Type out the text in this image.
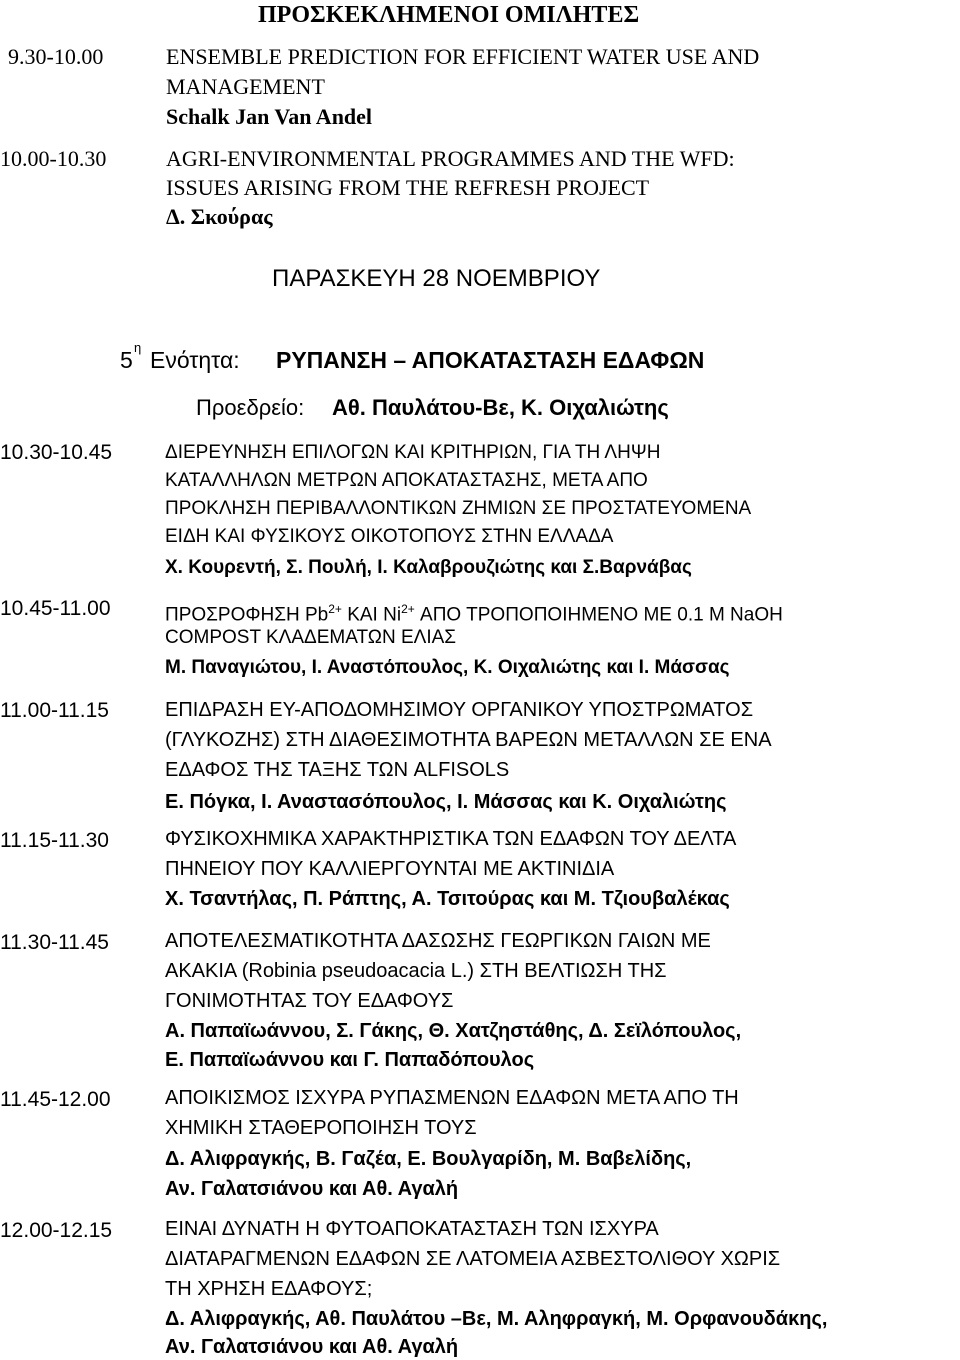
ΠΡΟΣΚΕΚΛΗΜΕΝΟΙ ΟΜΙΛΗΤΕΣ
9.30-10.00	ENSEMBLE PREDICTION FOR EFFICIENT WATER USE AND
MANAGEMENT
Schalk Jan Van Andel
10.00-10.30	AGRI-ENVIRONMENTAL PROGRAMMES AND THE WFD:
ISSUES ARISING FROM THE REFRESH PROJECT
Δ. Σκούρας
ΠΑΡΑΣΚΕΥΗ 28 ΝΟΕΜΒΡΙΟΥ
5 η Ενότητα: ΡΥΠΑΝΣΗ – ΑΠΟΚΑΤΑΣΤΑΣΗ ΕΔΑΦΩΝ
Προεδρείο: Αθ. Παυλάτου-Βε, Κ. Οιχαλιώτης
10.30-10.45	ΔΙΕΡΕΥΝΗΣΗ ΕΠΙΛΟΓΩΝ ΚΑΙ ΚΡΙΤΗΡΙΩΝ, ΓΙΑ ΤΗ ΛΗΨΗ
ΚΑΤΑΛΛΗΛΩΝ ΜΕΤΡΩΝ ΑΠΟΚΑΤΑΣΤΑΣΗΣ, ΜΕΤΑ ΑΠΟ
ΠΡΟΚΛΗΣΗ ΠΕΡΙΒΑΛΛΟΝΤΙΚΩΝ ΖΗΜΙΩΝ ΣΕ ΠΡΟΣΤΑΤΕΥΟΜΕΝΑ
ΕΙΔΗ ΚΑΙ ΦΥΣΙΚΟΥΣ ΟΙΚΟΤΟΠΟΥΣ ΣΤΗΝ ΕΛΛΑΔΑ
Χ. Κουρεντή, Σ. Πουλή, Ι. Καλαβρουζιώτης και Σ.Βαρνάβας
10.45-11.00	ΠΡΟΣΡΟΦΗΣΗ $Pb^{2+}$ ΚΑΙ $Ni^{2+}$ ΑΠΟ ΤΡΟΠΟΠΟΙΗΜΕΝΟ ΜΕ 0.1 M NaOH
COMPOST ΚΛΑΔΕΜΑΤΩΝ ΕΛΙΑΣ
Μ. Παναγιώτου, Ι. Αναστόπουλος, Κ. Οιχαλιώτης και Ι. Μάσσας
11.00-11.15	ΕΠΙΔΡΑΣΗ ΕΥ-ΑΠΟΔΟΜΗΣΙΜΟΥ ΟΡΓΑΝΙΚΟΥ ΥΠΟΣΤΡΩΜΑΤΟΣ
(ΓΛΥΚΟΖΗΣ) ΣΤΗ ΔΙΑΘΕΣΙΜΟΤΗΤΑ ΒΑΡΕΩΝ ΜΕΤΑΛΛΩΝ ΣΕ ΕΝΑ
ΕΔΑΦΟΣ ΤΗΣ ΤΑΞΗΣ ΤΩΝ ALFISOLS
Ε. Πόγκα, Ι. Αναστασόπουλος, Ι. Μάσσας και Κ. Οιχαλιώτης
11.15-11.30	ΦΥΣΙΚΟΧΗΜΙΚΑ ΧΑΡΑΚΤΗΡΙΣΤΙΚΑ ΤΩΝ ΕΔΑΦΩΝ ΤΟΥ ΔΕΛΤΑ
ΠΗΝΕΙΟΥ ΠΟΥ ΚΑΛΛΙΕΡΓΟΥΝΤΑΙ ΜΕ ΑΚΤΙΝΙΔΙΑ
Χ. Τσαντήλας, Π. Ράπτης, Α. Τσιτούρας και Μ. Τζιουβαλέκας
11.30-11.45	ΑΠΟΤΕΛΕΣΜΑΤΙΚΟΤΗΤΑ ΔΑΣΩΣΗΣ ΓΕΩΡΓΙΚΩΝ ΓΑΙΩΝ ΜΕ
ΑΚΑΚΙΑ (Robinia pseudoacacia L.) ΣΤΗ ΒΕΛΤΙΩΣΗ ΤΗΣ
ΓΟΝΙΜΟΤΗΤΑΣ ΤΟΥ ΕΔΑΦΟΥΣ
Α. Παπαϊωάννου, Σ. Γάκης, Θ. Χατζηστάθης, Δ. Σεϊλόπουλος,
Ε. Παπαϊωάννου και Γ. Παπαδόπουλος
11.45-12.00	ΑΠΟΙΚΙΣΜΟΣ ΙΣΧΥΡΑ ΡΥΠΑΣΜΕΝΩΝ ΕΔΑΦΩΝ ΜΕΤΑ ΑΠΟ ΤΗ
ΧΗΜΙΚΗ ΣΤΑΘΕΡΟΠΟΙΗΣΗ ΤΟΥΣ
Δ. Αλιφραγκής, Β. Γαζέα, Ε. Βουλγαρίδη, Μ. Βαβελίδης,
Αν. Γαλατσιάνου και Αθ. Αγαλή
12.00-12.15	ΕΙΝΑΙ ΔΥΝΑΤΗ Η ΦΥΤΟΑΠΟΚΑΤΑΣΤΑΣΗ ΤΩΝ ΙΣΧΥΡΑ
ΔΙΑΤΑΡΑΓΜΕΝΩΝ ΕΔΑΦΩΝ ΣΕ ΛΑΤΟΜΕΙΑ ΑΣΒΕΣΤΟΛΙΘΟΥ ΧΩΡΙΣ
ΤΗ ΧΡΗΣΗ ΕΔΑΦΟΥΣ;
Δ. Αλιφραγκής, Αθ. Παυλάτου –Βε, Μ. Αληφραγκή, Μ. Ορφανουδάκης,
Αν. Γαλατσιάνου και Αθ. Αγαλή
